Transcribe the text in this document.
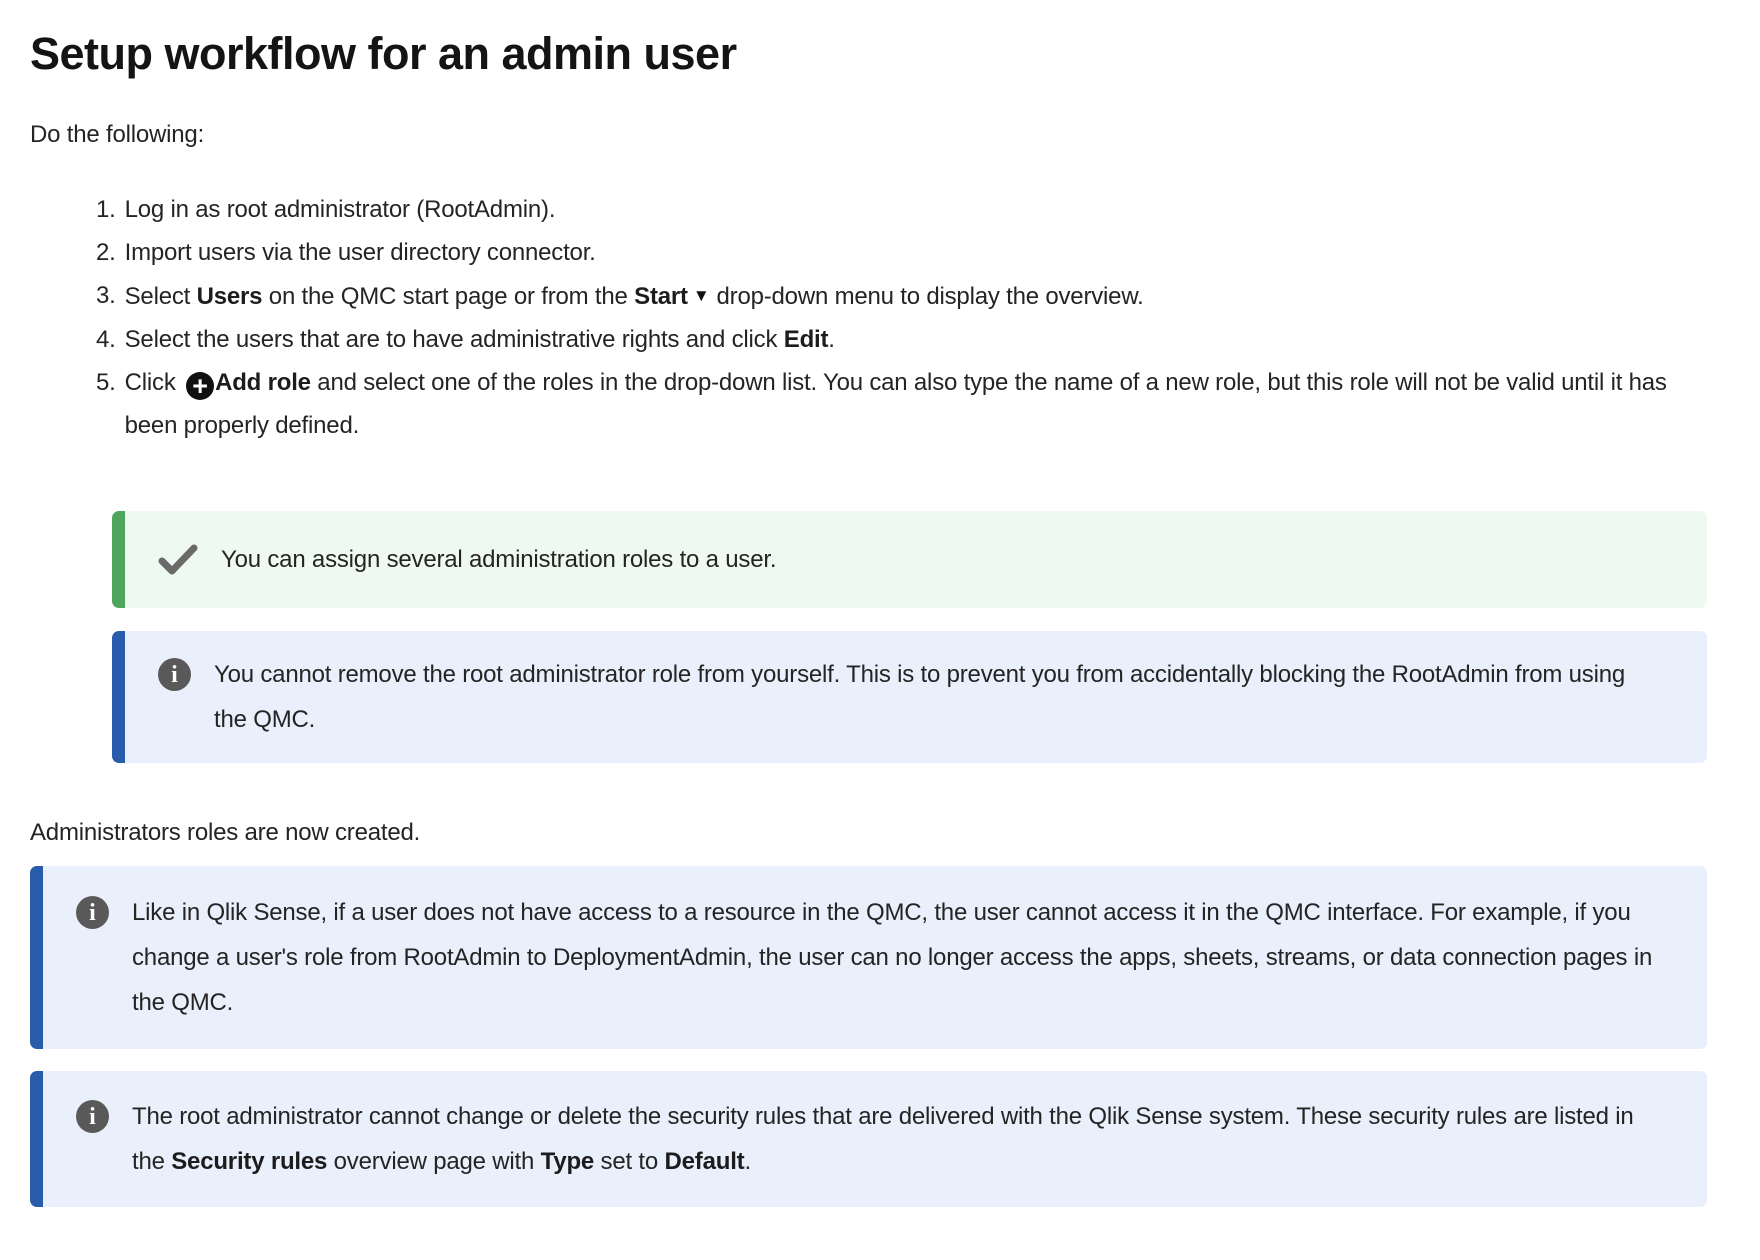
Setup workflow for an admin user

Do the following:

1. Log in as root administrator (RootAdmin).
2. Import users via the user directory connector.
3. Select Users on the QMC start page or from the Start ▼ drop-down menu to display the overview.
4. Select the users that are to have administrative rights and click Edit.
5. Click + Add role and select one of the roles in the drop-down list. You can also type the name of a new role, but this role will not be valid until it has been properly defined.
You can assign several administration roles to a user.
i	You cannot remove the root administrator role from yourself. This is to prevent you from accidentally blocking the RootAdmin from using the QMC.

Administrators roles are now created.

i	Like in Qlik Sense, if a user does not have access to a resource in the QMC, the user cannot access it in the QMC interface. For example, if you change a user's role from RootAdmin to DeploymentAdmin, the user can no longer access the apps, sheets, streams, or data connection pages in the QMC.
i	The root administrator cannot change or delete the security rules that are delivered with the Qlik Sense system. These security rules are listed in the Security rules overview page with Type set to Default.
